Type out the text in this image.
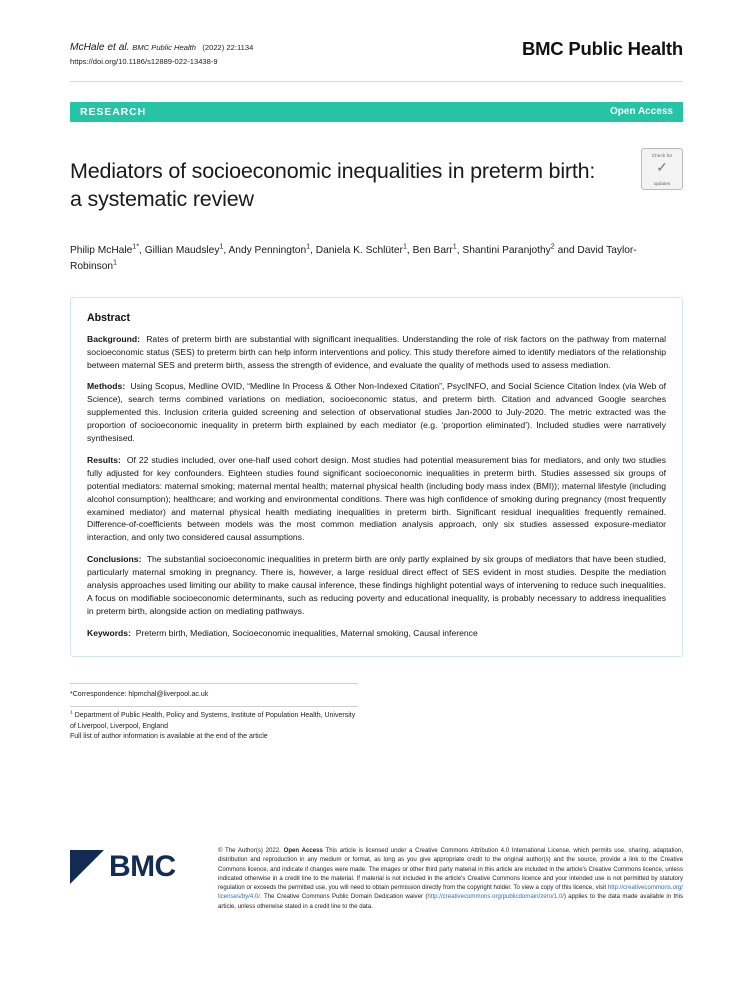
McHale et al. BMC Public Health (2022) 22:1134
https://doi.org/10.1186/s12889-022-13438-9
BMC Public Health
RESEARCH	Open Access
Mediators of socioeconomic inequalities in preterm birth: a systematic review
Check for
✓
updates
Philip McHale$^{1*}$, Gillian Maudsley$^1$, Andy Pennington$^1$, Daniela K. Schlüter$^1$, Ben Barr$^1$, Shantini Paranjothy$^2$ and David Taylor-Robinson$^1$
Abstract

Background: Rates of preterm birth are substantial with significant inequalities. Understanding the role of risk factors on the pathway from maternal socioeconomic status (SES) to preterm birth can help inform interventions and policy. This study therefore aimed to identify mediators of the relationship between maternal SES and preterm birth, assess the strength of evidence, and evaluate the quality of methods used to assess mediation.

Methods: Using Scopus, Medline OVID, “Medline In Process & Other Non-Indexed Citation”, PsycINFO, and Social Science Citation Index (via Web of Science), search terms combined variations on mediation, socioeconomic status, and preterm birth. Citation and advanced Google searches supplemented this. Inclusion criteria guided screening and selection of observational studies Jan-2000 to July-2020. The metric extracted was the proportion of socioeconomic inequality in preterm birth explained by each mediator (e.g. ‘proportion eliminated’). Included studies were narratively synthesised.

Results: Of 22 studies included, over one-half used cohort design. Most studies had potential measurement bias for mediators, and only two studies fully adjusted for key confounders. Eighteen studies found significant socioeconomic inequalities in preterm birth. Studies assessed six groups of potential mediators: maternal smoking; maternal mental health; maternal physical health (including body mass index (BMI)); maternal lifestyle (including alcohol consumption); healthcare; and working and environmental conditions. There was high confidence of smoking during pregnancy (most frequently examined mediator) and maternal physical health mediating inequalities in preterm birth. Significant residual inequalities frequently remained. Difference-of-coefficients between models was the most common mediation analysis approach, only six studies assessed exposure-mediator interaction, and only two considered causal assumptions.

Conclusions: The substantial socioeconomic inequalities in preterm birth are only partly explained by six groups of mediators that have been studied, particularly maternal smoking in pregnancy. There is, however, a large residual direct effect of SES evident in most studies. Despite the mediation analysis approaches used limiting our ability to make causal inference, these findings highlight potential ways of intervening to reduce such inequalities. A focus on modifiable socioeconomic determinants, such as reducing poverty and educational inequality, is probably necessary to address inequalities in preterm birth, alongside action on mediating pathways.

Keywords: Preterm birth, Mediation, Socioeconomic inequalities, Maternal smoking, Causal inference

*Correspondence: hlpmchal@liverpool.ac.uk
$^1$ Department of Public Health, Policy and Systems, Institute of Population Health, University of Liverpool, Liverpool, England
Full list of author information is available at the end of the article
BMC	© The Author(s) 2022. Open Access This article is licensed under a Creative Commons Attribution 4.0 International License, which permits use, sharing, adaptation, distribution and reproduction in any medium or format, as long as you give appropriate credit to the original author(s) and the source, provide a link to the Creative Commons licence, and indicate if changes were made. The images or other third party material in this article are included in the article's Creative Commons licence, unless indicated otherwise in a credit line to the material. If material is not included in the article's Creative Commons licence and your intended use is not permitted by statutory regulation or exceeds the permitted use, you will need to obtain permission directly from the copyright holder. To view a copy of this licence, visit http://creativecommons.org/licenses/by/4.0/. The Creative Commons Public Domain Dedication waiver (http://creativecommons.org/publicdomain/zero/1.0/) applies to the data made available in this article, unless otherwise stated in a credit line to the data.
